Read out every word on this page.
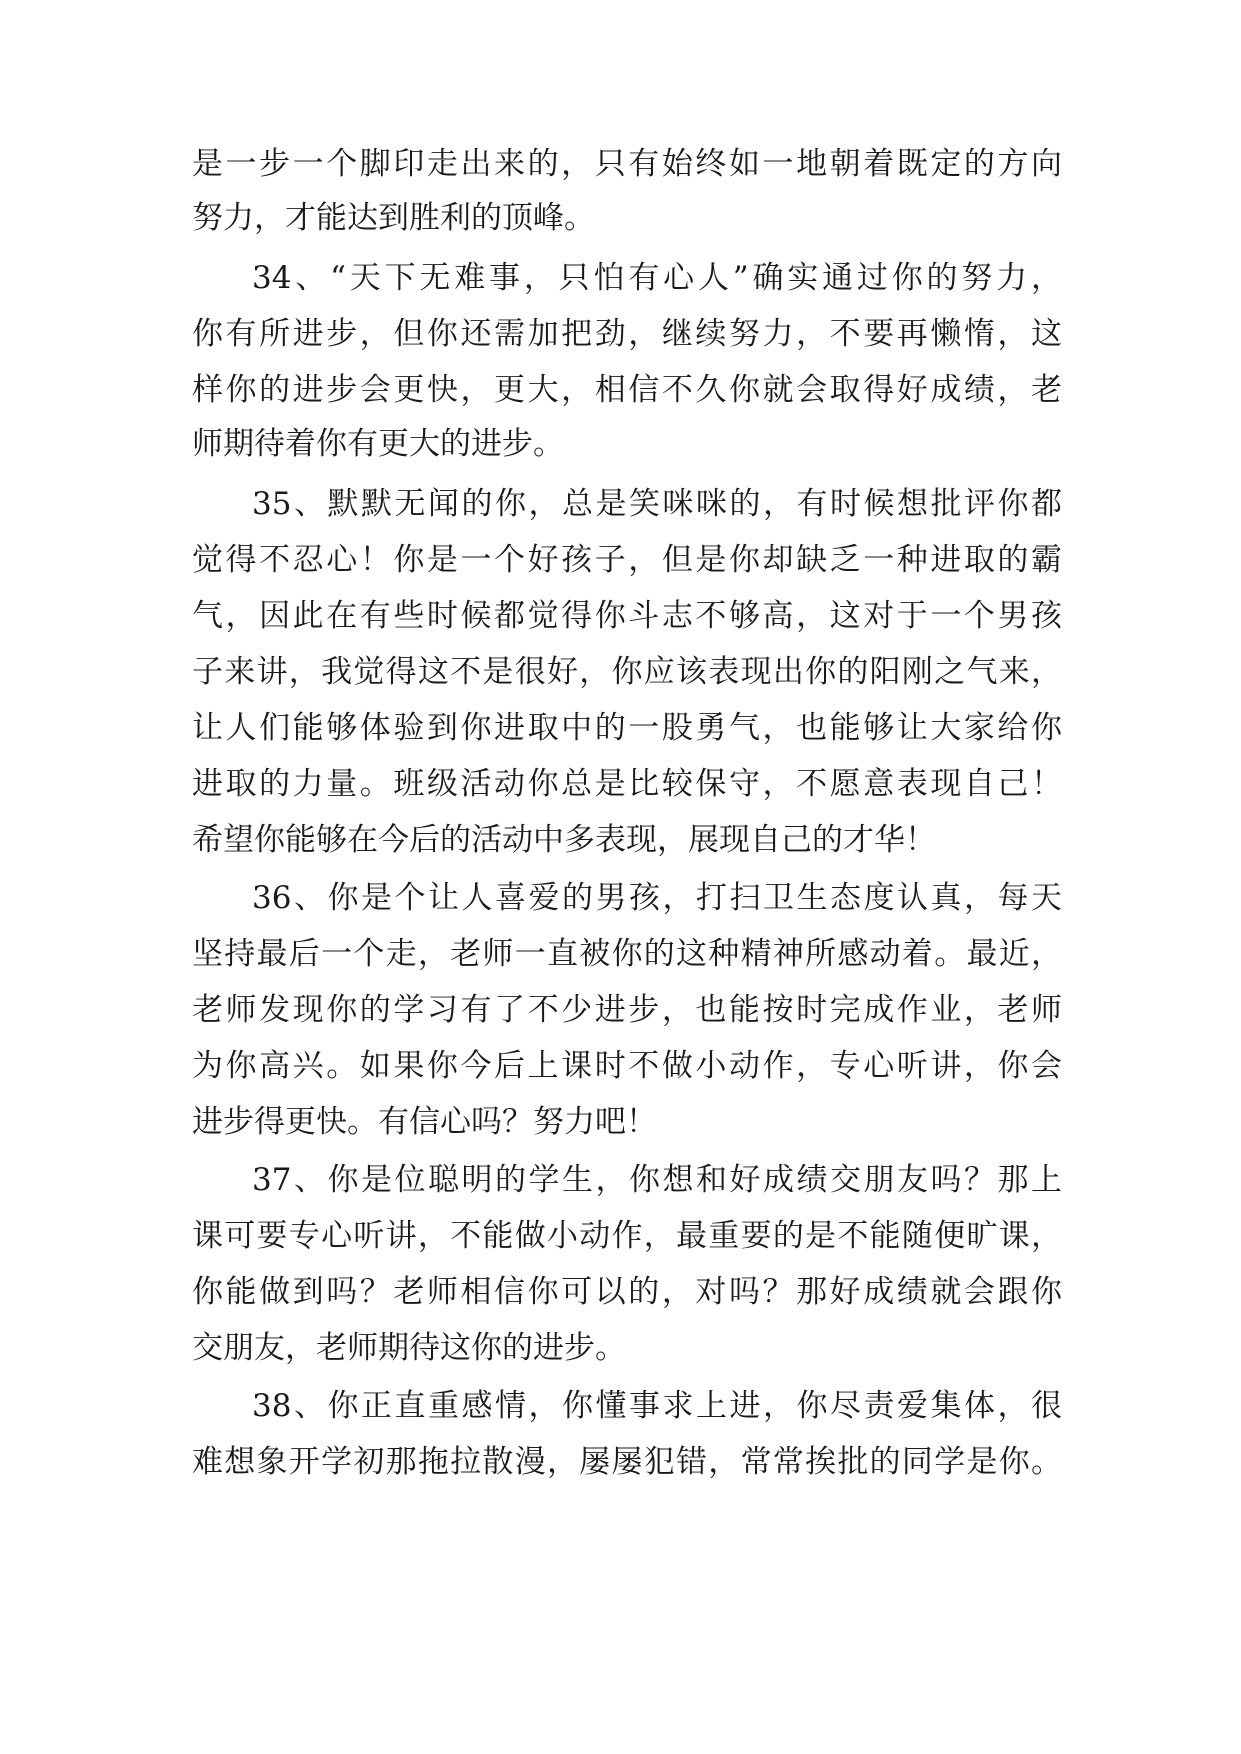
是一步一个脚印走出来的，只有始终如一地朝着既定的方向
努力，才能达到胜利的顶峰。
34、“天下无难事，只怕有心人”确实通过你的努力，
你有所进步，但你还需加把劲，继续努力，不要再懒惰，这
样你的进步会更快，更大，相信不久你就会取得好成绩，老
师期待着你有更大的进步。
35、默默无闻的你，总是笑咪咪的，有时候想批评你都
觉得不忍心！你是一个好孩子，但是你却缺乏一种进取的霸
气，因此在有些时候都觉得你斗志不够高，这对于一个男孩
子来讲，我觉得这不是很好，你应该表现出你的阳刚之气来，
让人们能够体验到你进取中的一股勇气，也能够让大家给你
进取的力量。班级活动你总是比较保守，不愿意表现自己！
希望你能够在今后的活动中多表现，展现自己的才华！
36、你是个让人喜爱的男孩，打扫卫生态度认真，每天
坚持最后一个走，老师一直被你的这种精神所感动着。最近，
老师发现你的学习有了不少进步，也能按时完成作业，老师
为你高兴。如果你今后上课时不做小动作，专心听讲，你会
进步得更快。有信心吗？努力吧！
37、你是位聪明的学生，你想和好成绩交朋友吗？那上
课可要专心听讲，不能做小动作，最重要的是不能随便旷课，
你能做到吗？老师相信你可以的，对吗？那好成绩就会跟你
交朋友，老师期待这你的进步。
38、你正直重感情，你懂事求上进，你尽责爱集体，很
难想象开学初那拖拉散漫，屡屡犯错，常常挨批的同学是你。
